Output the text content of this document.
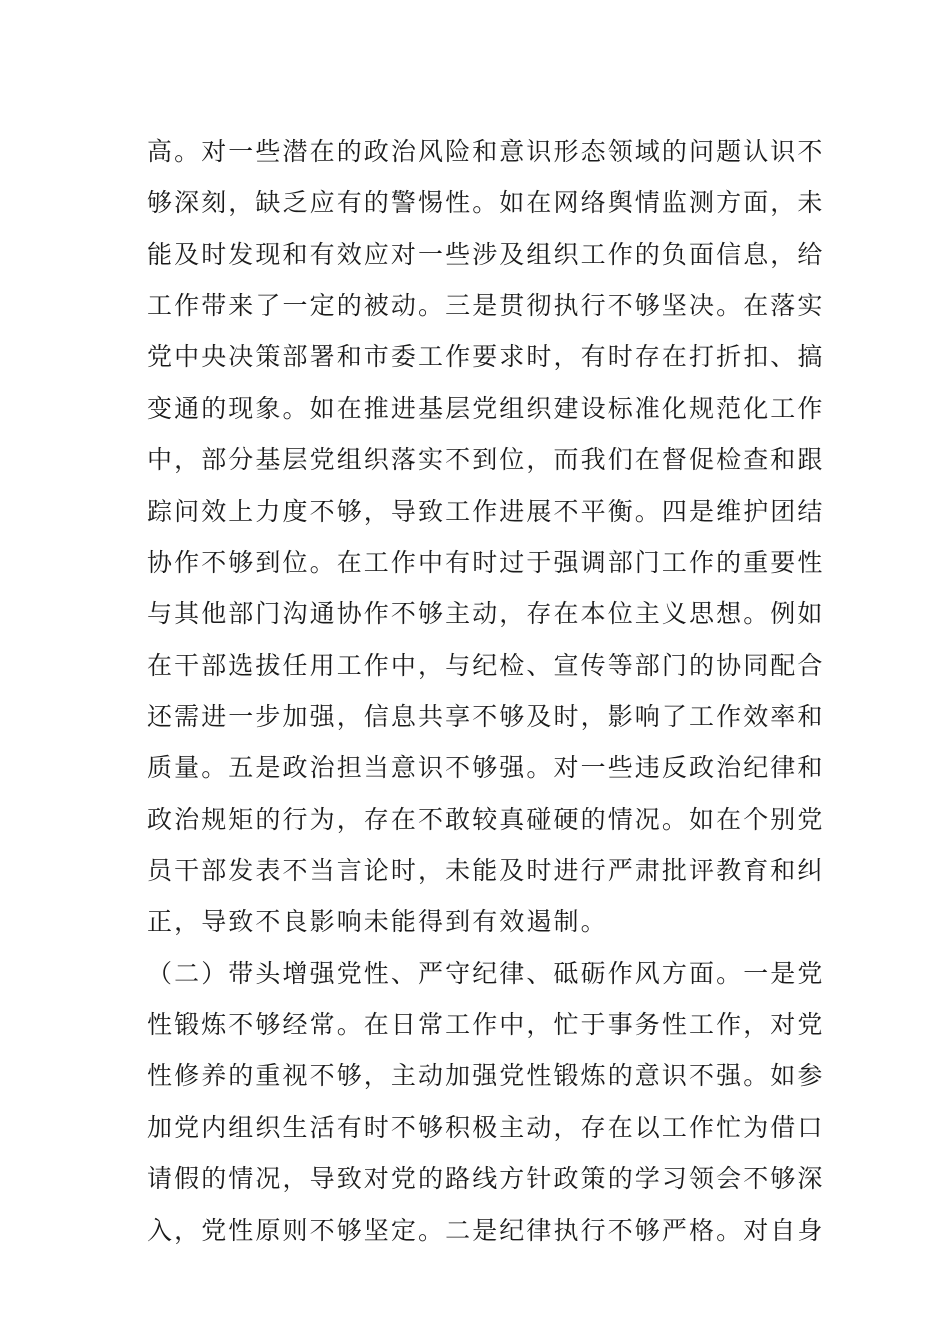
高。对一些潜在的政治风险和意识形态领域的问题认识不
够深刻，缺乏应有的警惕性。如在网络舆情监测方面，未
能及时发现和有效应对一些涉及组织工作的负面信息，给
工作带来了一定的被动。三是贯彻执行不够坚决。在落实
党中央决策部署和市委工作要求时，有时存在打折扣、搞
变通的现象。如在推进基层党组织建设标准化规范化工作
中，部分基层党组织落实不到位，而我们在督促检查和跟
踪问效上力度不够，导致工作进展不平衡。四是维护团结
协作不够到位。在工作中有时过于强调部门工作的重要性
与其他部门沟通协作不够主动，存在本位主义思想。例如
在干部选拔任用工作中，与纪检、宣传等部门的协同配合
还需进一步加强，信息共享不够及时，影响了工作效率和
质量。五是政治担当意识不够强。对一些违反政治纪律和
政治规矩的行为，存在不敢较真碰硬的情况。如在个别党
员干部发表不当言论时，未能及时进行严肃批评教育和纠
正，导致不良影响未能得到有效遏制。
（二）带头增强党性、严守纪律、砥砺作风方面。一是党
性锻炼不够经常。在日常工作中，忙于事务性工作，对党
性修养的重视不够，主动加强党性锻炼的意识不强。如参
加党内组织生活有时不够积极主动，存在以工作忙为借口
请假的情况，导致对党的路线方针政策的学习领会不够深
入，党性原则不够坚定。二是纪律执行不够严格。对自身
